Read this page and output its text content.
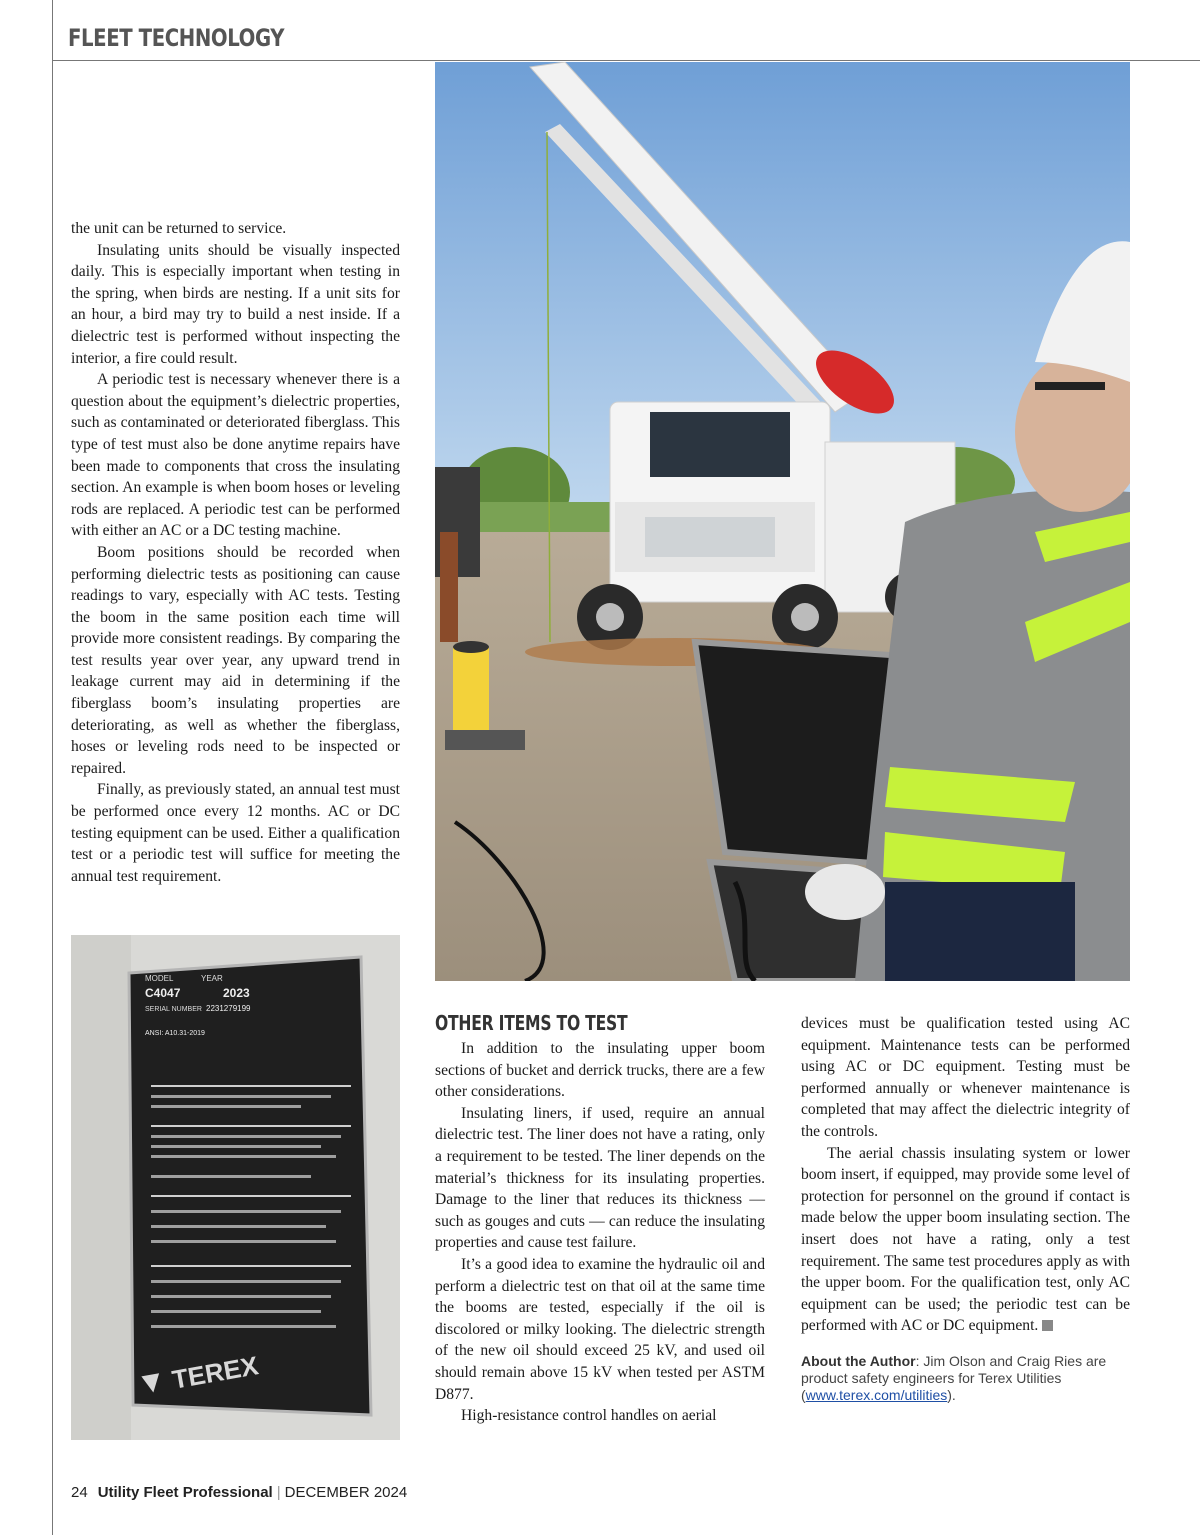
FLEET TECHNOLOGY
MODEL	YEAR
C4047	2023
SERIAL NUMBER 2231279199
ANSI: A10.31-2019
TEREX

the unit can be returned to service.

Insulating units should be visually inspected daily. This is especially important when testing in the spring, when birds are nesting. If a unit sits for an hour, a bird may try to build a nest inside. If a dielectric test is performed without inspecting the interior, a fire could result.

A periodic test is necessary whenever there is a question about the equipment’s dielectric properties, such as contaminated or deteriorated fiberglass. This type of test must also be done anytime repairs have been made to components that cross the insulating section. An example is when boom hoses or leveling rods are replaced. A periodic test can be performed with either an AC or a DC testing machine.

Boom positions should be recorded when performing dielectric tests as positioning can cause readings to vary, especially with AC tests. Testing the boom in the same position each time will provide more consistent readings. By comparing the test results year over year, any upward trend in leakage current may aid in determining if the fiberglass boom’s insulating properties are deteriorating, as well as whether the fiberglass, hoses or leveling rods need to be inspected or repaired.

Finally, as previously stated, an annual test must be performed once every 12 months. AC or DC testing equipment can be used. Either a qualification test or a periodic test will suffice for meeting the annual test requirement.

OTHER ITEMS TO TEST

In addition to the insulating upper boom sections of bucket and derrick trucks, there are a few other considerations.

Insulating liners, if used, require an annual dielectric test. The liner does not have a rating, only a requirement to be tested. The liner depends on the material’s thickness for its insulating properties. Damage to the liner that reduces its thickness — such as gouges and cuts — can reduce the insulating properties and cause test failure.

It’s a good idea to examine the hydraulic oil and perform a dielectric test on that oil at the same time the booms are tested, especially if the oil is discolored or milky looking. The dielectric strength of the new oil should exceed 25 kV, and used oil should remain above 15 kV when tested per ASTM D877.

High-resistance control handles on aerial

devices must be qualification tested using AC equipment. Maintenance tests can be performed using AC or DC equipment. Testing must be performed annually or whenever maintenance is completed that may affect the dielectric integrity of the controls.

The aerial chassis insulating system or lower boom insert, if equipped, may provide some level of protection for personnel on the ground if contact is made below the upper boom insulating section. The insert does not have a rating, only a test requirement. The same test procedures apply as with the upper boom. For the qualification test, only AC equipment can be used; the periodic test can be performed with AC or DC equipment.

About the Author: Jim Olson and Craig Ries are product safety engineers for Terex Utilities (www.terex.com/utilities).
24 Utility Fleet Professional | DECEMBER 2024
